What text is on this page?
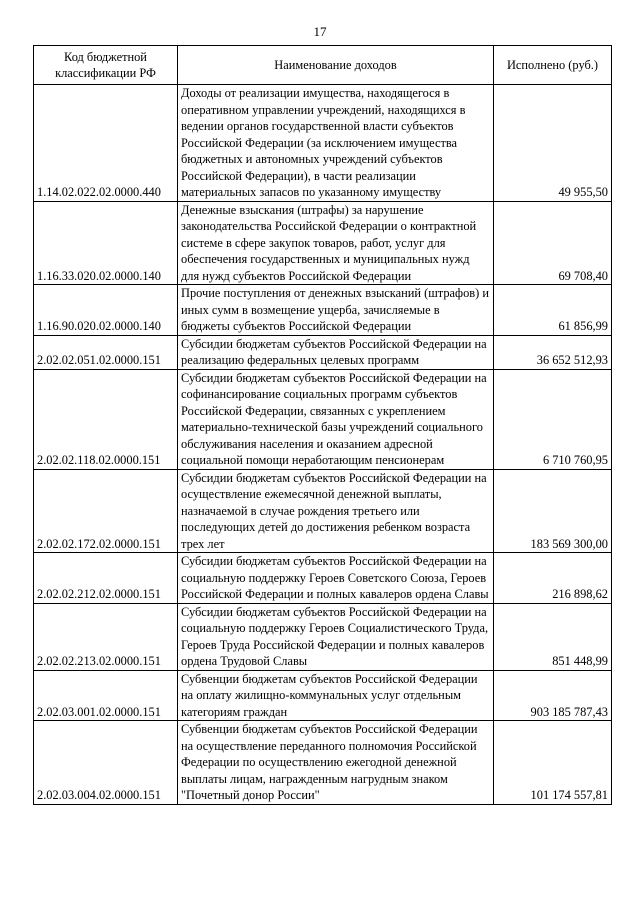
17
Код бюджетной классификации РФ	Наименование доходов	Исполнено (руб.)
1.14.02.022.02.0000.440	Доходы от реализации имущества, находящегося в оперативном управлении учреждений, находящихся в ведении органов государственной власти субъектов Российской Федерации (за исключением имущества бюджетных и автономных учреждений субъектов Российской Федерации), в части реализации материальных запасов по указанному имуществу	49 955,50
1.16.33.020.02.0000.140	Денежные взыскания (штрафы) за нарушение законодательства Российской Федерации о контрактной системе в сфере закупок товаров, работ, услуг для обеспечения государственных и муниципальных нужд для нужд субъектов Российской Федерации	69 708,40
1.16.90.020.02.0000.140	Прочие поступления от денежных взысканий (штрафов) и иных сумм в возмещение ущерба, зачисляемые в бюджеты субъектов Российской Федерации	61 856,99
2.02.02.051.02.0000.151	Субсидии бюджетам субъектов Российской Федерации на реализацию федеральных целевых программ	36 652 512,93
2.02.02.118.02.0000.151	Субсидии бюджетам субъектов Российской Федерации на софинансирование социальных программ субъектов Российской Федерации, связанных с укреплением материально-технической базы учреждений социального обслуживания населения и оказанием адресной социальной помощи неработающим пенсионерам	6 710 760,95
2.02.02.172.02.0000.151	Субсидии бюджетам субъектов Российской Федерации на осуществление ежемесячной денежной выплаты, назначаемой в случае рождения третьего или последующих детей до достижения ребенком возраста трех лет	183 569 300,00
2.02.02.212.02.0000.151	Субсидии бюджетам субъектов Российской Федерации на социальную поддержку Героев Советского Союза, Героев Российской Федерации и полных кавалеров ордена Славы	216 898,62
2.02.02.213.02.0000.151	Субсидии бюджетам субъектов Российской Федерации на социальную поддержку Героев Социалистического Труда, Героев Труда Российской Федерации и полных кавалеров ордена Трудовой Славы	851 448,99
2.02.03.001.02.0000.151	Субвенции бюджетам субъектов Российской Федерации на оплату жилищно-коммунальных услуг отдельным категориям граждан	903 185 787,43
2.02.03.004.02.0000.151	Субвенции бюджетам субъектов Российской Федерации на осуществление переданного полномочия Российской Федерации по осуществлению ежегодной денежной выплаты лицам, награжденным нагрудным знаком "Почетный донор России"	101 174 557,81
